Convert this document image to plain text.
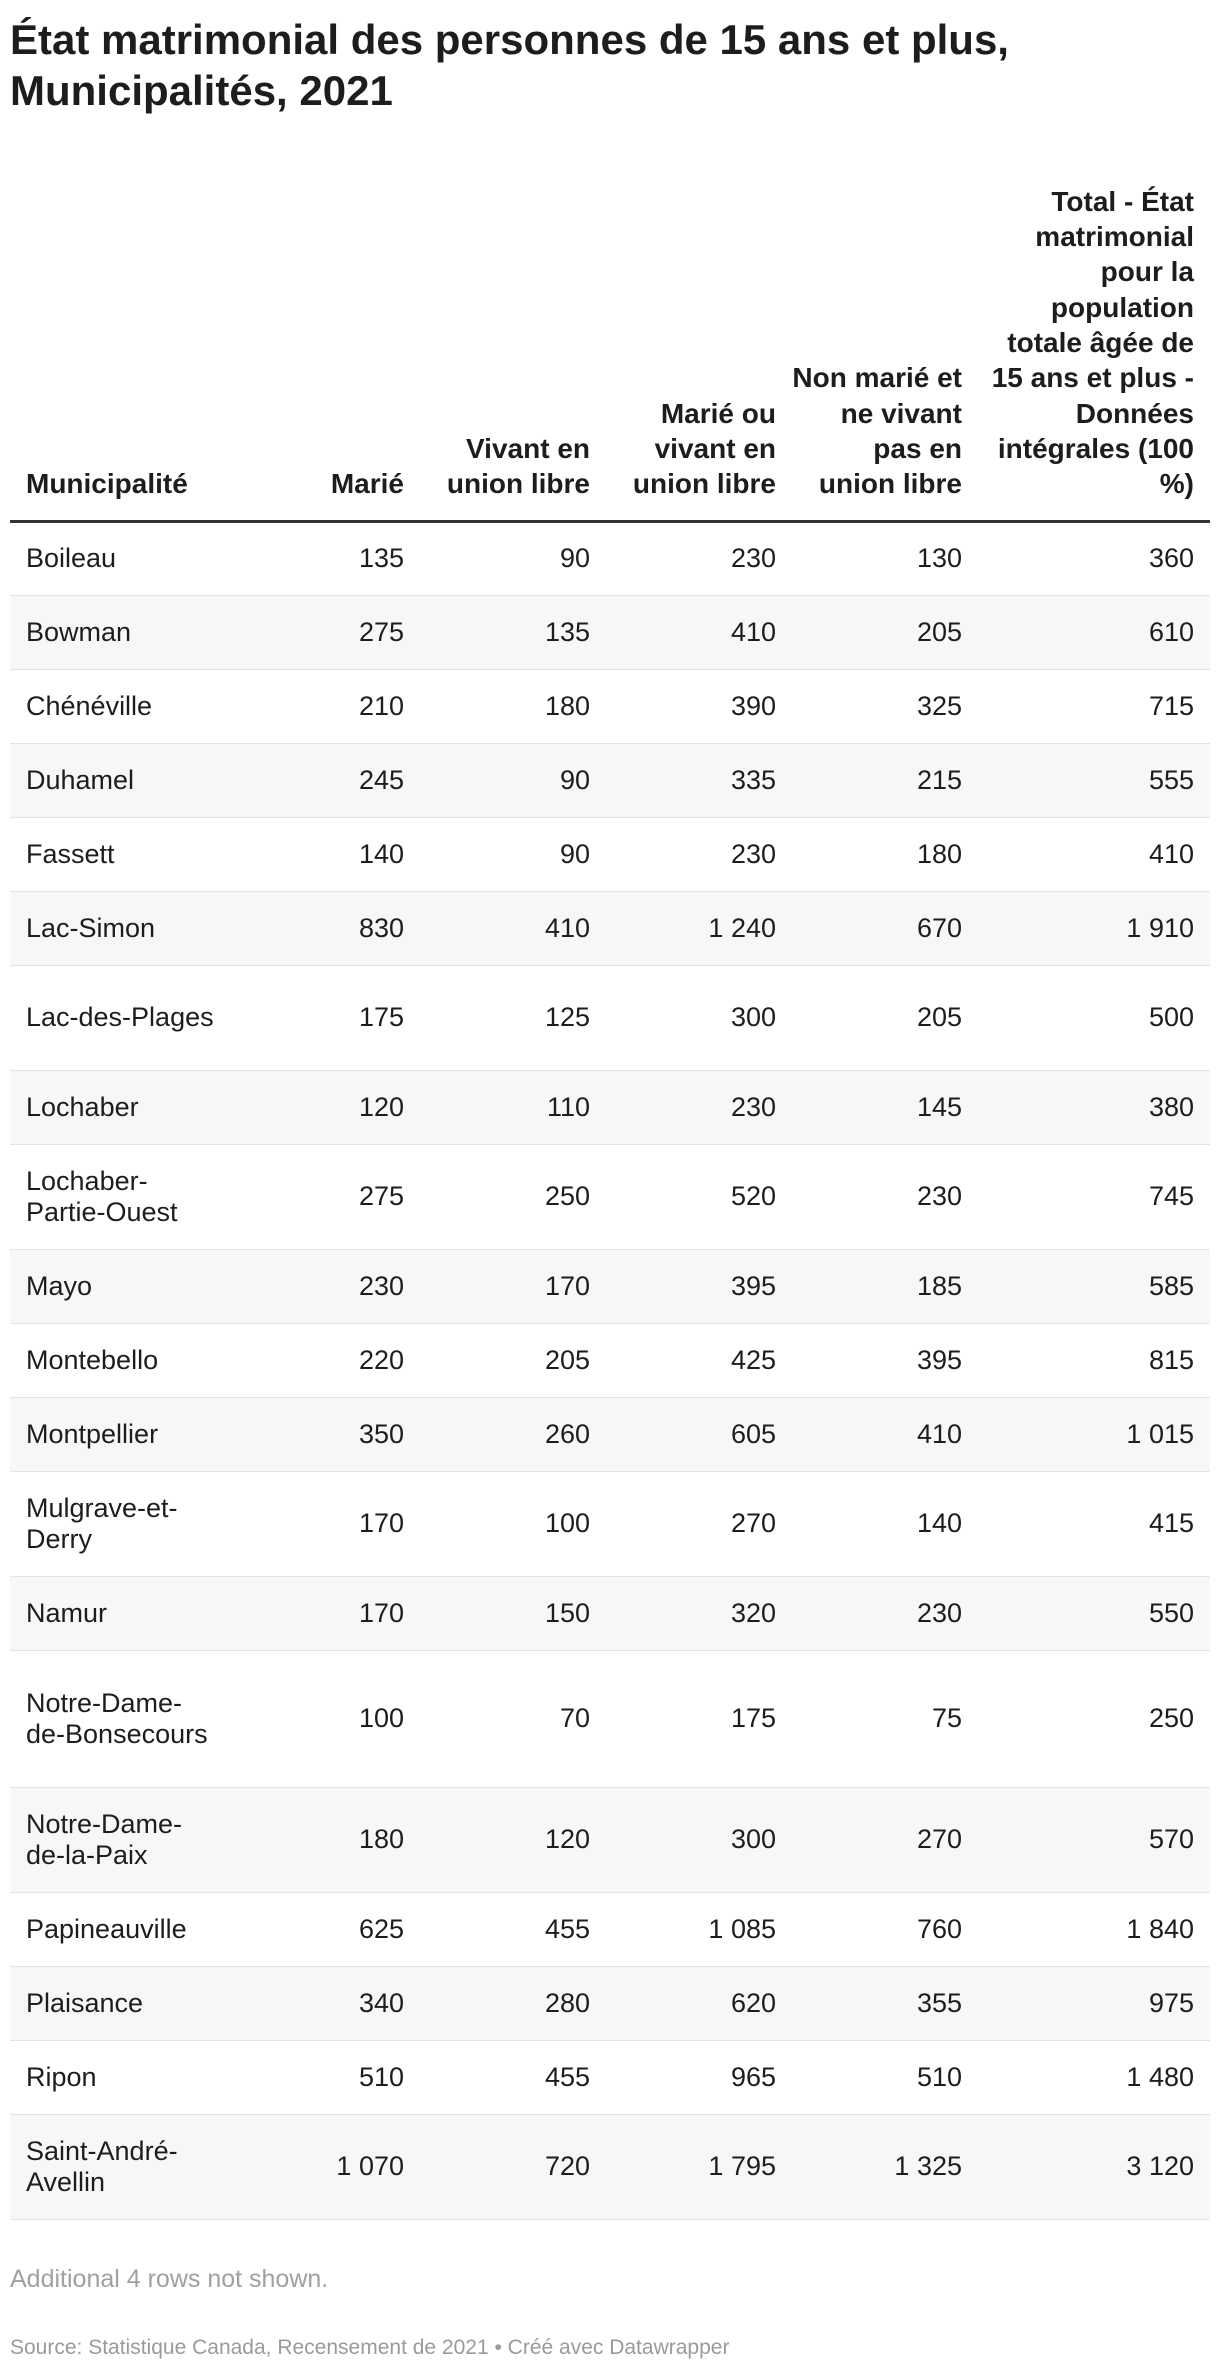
État matrimonial des personnes de 15 ans et plus, Municipalités, 2021
Municipalité	Marié	Vivant en union libre	Marié ou vivant en union libre	Non marié et ne vivant pas en union libre	Total - État matrimonial pour la population totale âgée de 15 ans et plus - Données intégrales (100 %)
Boileau	135	90	230	130	360
Bowman	275	135	410	205	610
Chénéville	210	180	390	325	715
Duhamel	245	90	335	215	555
Fassett	140	90	230	180	410
Lac-Simon	830	410	1 240	670	1 910
Lac-des-Plages	175	125	300	205	500
Lochaber	120	110	230	145	380
Lochaber-Partie-Ouest	275	250	520	230	745
Mayo	230	170	395	185	585
Montebello	220	205	425	395	815
Montpellier	350	260	605	410	1 015
Mulgrave-et-Derry	170	100	270	140	415
Namur	170	150	320	230	550
Notre-Dame-de-Bonsecours	100	70	175	75	250
Notre-Dame-de-la-Paix	180	120	300	270	570
Papineauville	625	455	1 085	760	1 840
Plaisance	340	280	620	355	975
Ripon	510	455	965	510	1 480
Saint-André-Avellin	1 070	720	1 795	1 325	3 120

Additional 4 rows not shown.

Source: Statistique Canada, Recensement de 2021 • Créé avec Datawrapper
